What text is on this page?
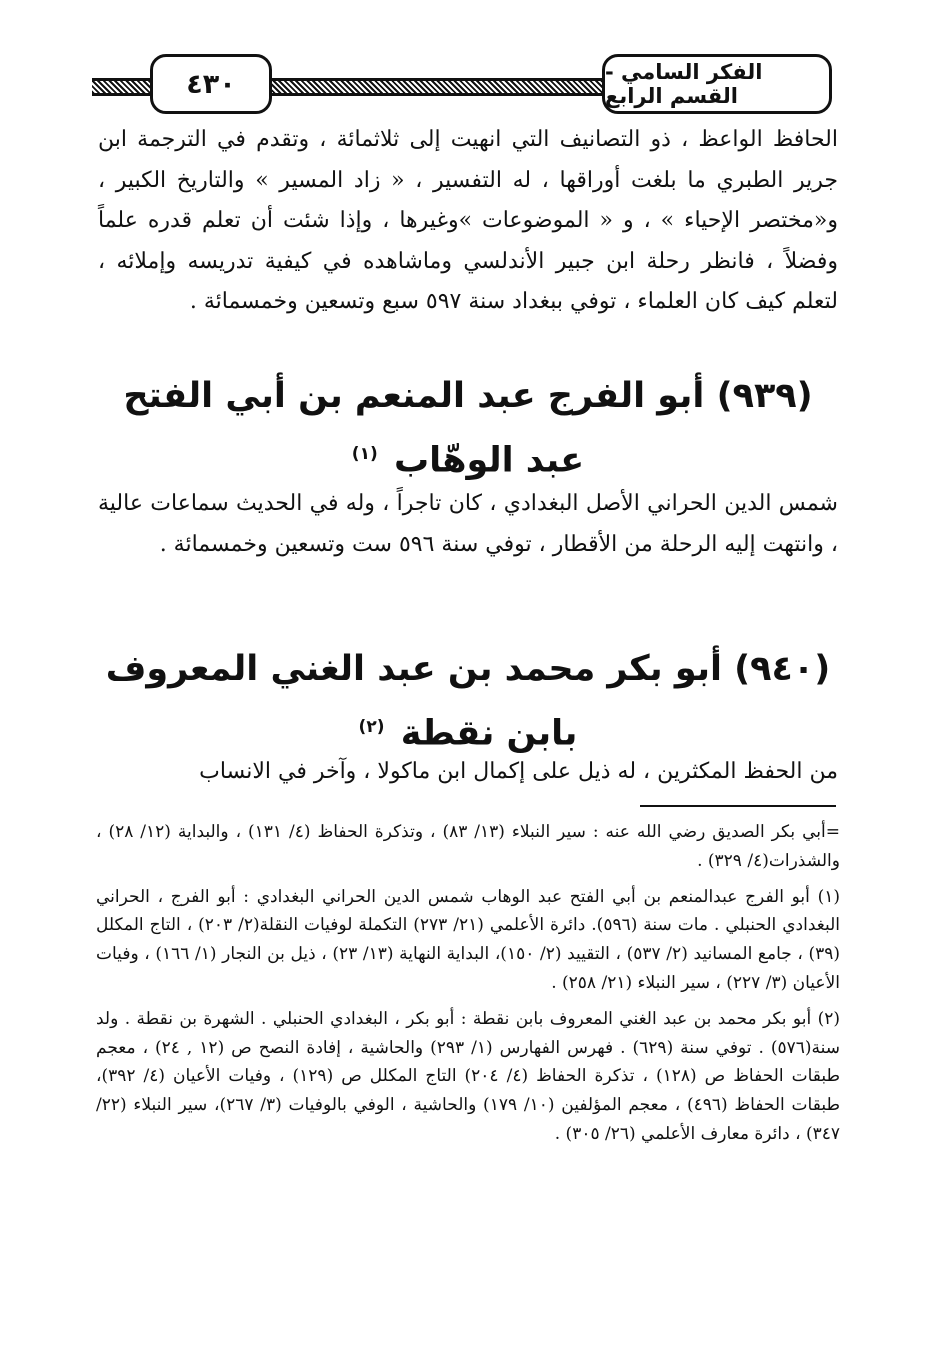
٤٣٠	الفكر السامي - القسم الرابع
الحافظ الواعظ ، ذو التصانيف التي انهيت إلى ثلاثمائة ، وتقدم في الترجمة ابن جرير الطبري ما بلغت أوراقها ، له التفسير ، « زاد المسير » والتاريخ الكبير ، و«مختصر الإحياء » ، و « الموضوعات »وغيرها ، وإذا شئت أن تعلم قدره علماً وفضلاً ، فانظر رحلة ابن جبير الأندلسي وماشاهده في كيفية تدريسه وإملائه ، لتعلم كيف كان العلماء ، توفي ببغداد سنة ٥٩٧ سبع وتسعين وخمسمائة .
(٩٣٩) أبو الفرج عبد المنعم بن أبي الفتح عبد الوهّاب $^{(١)}$
شمس الدين الحراني الأصل البغدادي ، كان تاجراً ، وله في الحديث سماعات عالية ، وانتهت إليه الرحلة من الأقطار ، توفي سنة ٥٩٦ ست وتسعين وخمسمائة .
(٩٤٠) أبو بكر محمد بن عبد الغني المعروف بابن نقطة $^{(٢)}$
من الحفظ المكثرين ، له ذيل على إكمال ابن ماكولا ، وآخر في الانساب

=أبي بكر الصديق رضي الله عنه : سير النبلاء (١٣/ ٨٣) ، وتذكرة الحفاظ (٤/ ١٣١) ، والبداية (١٢/ ٢٨) ، والشذرات(٤/ ٣٢٩) .

(١) أبو الفرج عبدالمنعم بن أبي الفتح عبد الوهاب شمس الدين الحراني البغدادي : أبو الفرج ، الحراني البغدادي الحنبلي . مات سنة (٥٩٦). دائرة الأعلمي (٢١/ ٢٧٣) التكملة لوفيات النقلة(٢/ ٢٠٣) ، التاج المكلل (٣٩) ، جامع المسانيد (٢/ ٥٣٧) ، التقييد (٢/ ١٥٠)، البداية النهاية (١٣/ ٢٣) ، ذيل بن النجار (١/ ١٦٦) ، وفيات الأعيان (٣/ ٢٢٧) ، سير النبلاء (٢١/ ٢٥٨) .

(٢) أبو بكر محمد بن عبد الغني المعروف بابن نقطة : أبو بكر ، البغدادي الحنبلي . الشهرة بن نقطة . ولد سنة(٥٧٦) . توفي سنة (٦٢٩) . فهرس الفهارس (١/ ٢٩٣) والحاشية ، إفادة النصح ص (١٢ , ٢٤) ، معجم طبقات الحفاظ ص (١٢٨) ، تذكرة الحفاظ (٤/ ٢٠٤) التاج المكلل ص (١٢٩) ، وفيات الأعيان (٤/ ٣٩٢)، طبقات الحفاظ (٤٩٦) ، معجم المؤلفين (١٠/ ١٧٩) والحاشية ، الوفي بالوفيات (٣/ ٢٦٧)، سير النبلاء (٢٢/ ٣٤٧) ، دائرة معارف الأعلمي (٢٦/ ٣٠٥) .
